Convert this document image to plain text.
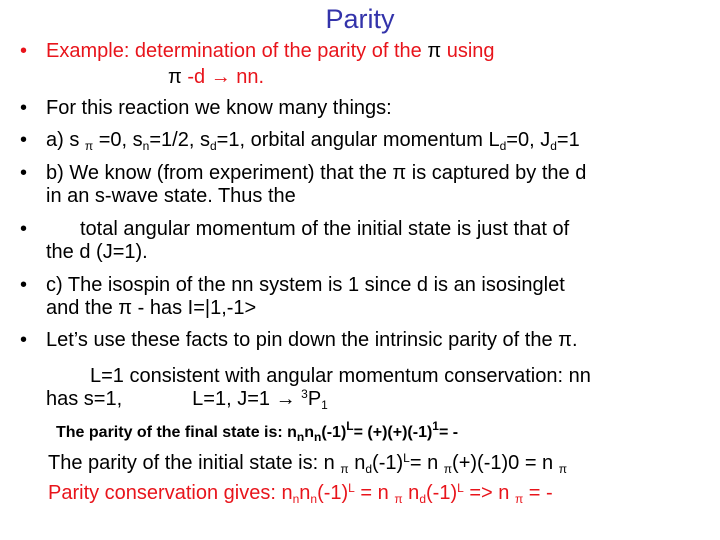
Parity
• Example: determination of the parity of the π using
π -d → nn.
• For this reaction we know many things:
• a) s $_\pi$ =0, $s_n=1/2$, $s_d=1$, orbital angular momentum $L_d=0$, $J_d=1$
• b) We know (from experiment) that the π is captured by the d
in an s-wave state. Thus the
•	total angular momentum of the initial state is just that of
the d (J=1).
• c) The isospin of the nn system is 1 since d is an isosinglet
and the π - has I=|1,-1>
• Let’s use these facts to pin down the intrinsic parity of the π.
L=1 consistent with angular momentum conservation: nn
has s=1,	L=1, $J=1 \to ^3P_1$
The parity of the final state is: $n_nn_n(-1)^L= (+)(+)(-1)^1=$ -
The parity of the initial state is: n $_\pi$ $n_d(-1)^L= n$ $_\pi$(+)(-1)0 = n $_\pi$
Parity conservation gives: $n_nn_n(-1)^L = n$ $_\pi$ $n_d(-1)^L => n$ $_\pi$ = -
